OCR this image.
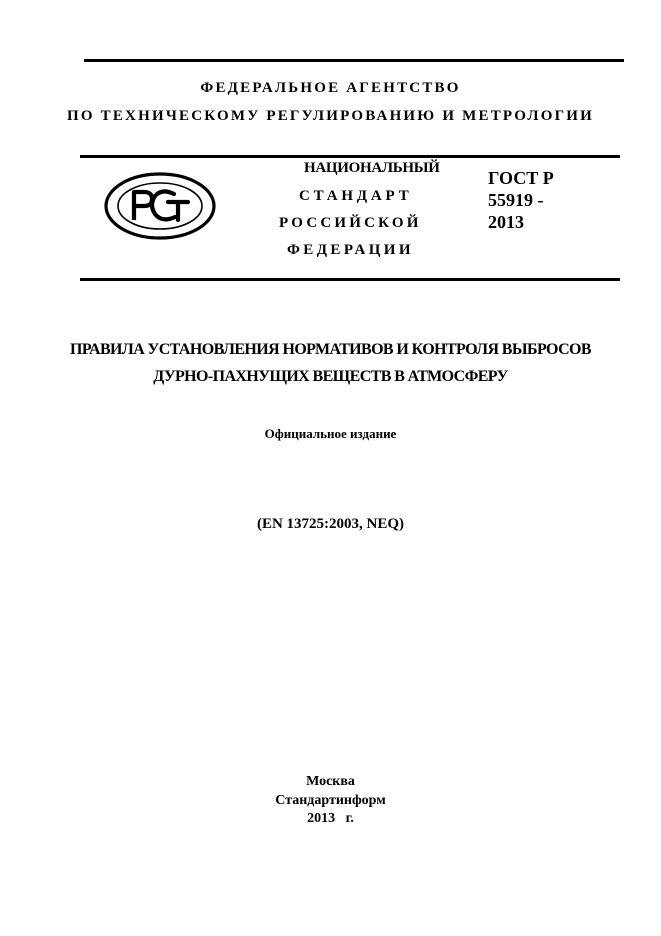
ФЕДЕРАЛЬНОЕ АГЕНТСТВО
ПО ТЕХНИЧЕСКОМУ РЕГУЛИРОВАНИЮ И МЕТРОЛОГИИ
НАЦИОНАЛЬНЫЙ
СТАНДАРТ
РОССИЙСКОЙ
ФЕДЕРАЦИИ
ГОСТ Р
55919 -
2013
ПРАВИЛА УСТАНОВЛЕНИЯ НОРМАТИВОВ И КОНТРОЛЯ ВЫБРОСОВ
ДУРНО-ПАХНУЩИХ ВЕЩЕСТВ В АТМОСФЕРУ
Официальное издание
(EN 13725:2003, NEQ)
Москва
Стандартинформ
2013   г.
